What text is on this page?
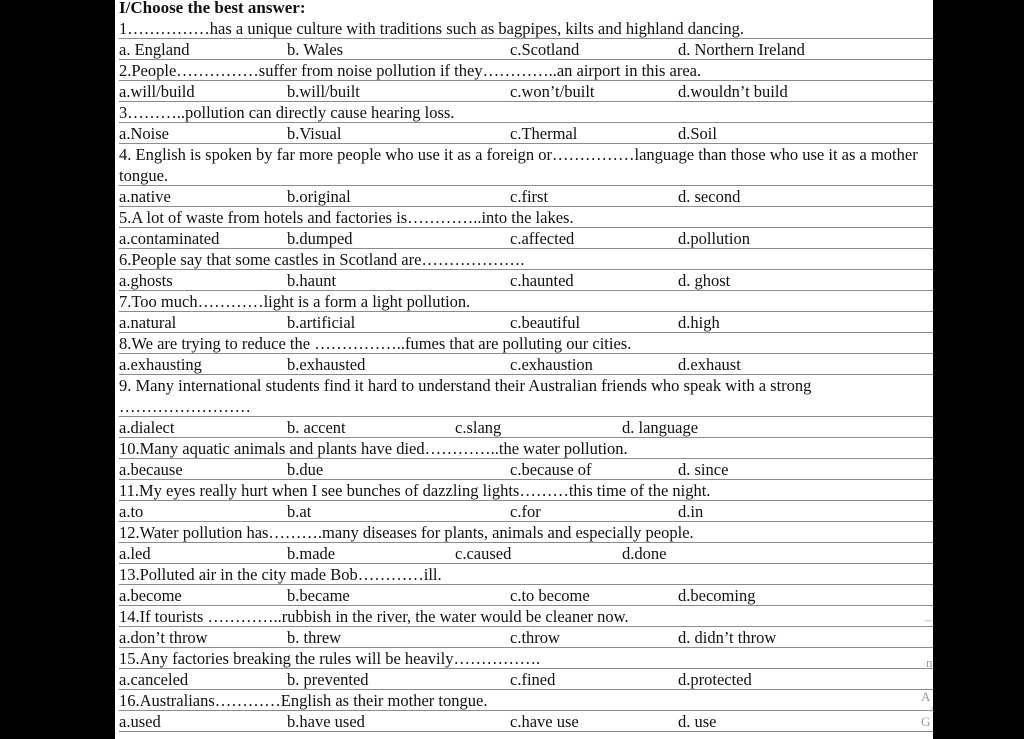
I/Choose the best answer:
1……………has a unique culture with traditions such as bagpipes, kilts and highland dancing.
a. England	b. Wales	c.Scotland	d. Northern Ireland
2.People……………suffer from noise pollution if they…………..an airport in this area.
a.will/build	b.will/built	c.won’t/built	d.wouldn’t build
3………..pollution can directly cause hearing loss.
a.Noise	b.Visual	c.Thermal	d.Soil
4. English is spoken by far more people who use it as a foreign or……………language than those who use it as a mother tongue.
a.native	b.original	c.first	d. second
5.A lot of waste from hotels and factories is…………..into the lakes.
a.contaminated	b.dumped	c.affected	d.pollution
6.People say that some castles in Scotland are……………….
a.ghosts	b.haunt	c.haunted	d. ghost
7.Too much…………light is a form a light pollution.
a.natural	b.artificial	c.beautiful	d.high
8.We are trying to reduce the ……………..fumes that are polluting our cities.
a.exhausting	b.exhausted	c.exhaustion	d.exhaust
9. Many international students find it hard to understand their Australian friends who speak with a strong ……………………
a.dialect	b. accent	c.slang	d. language
10.Many aquatic animals and plants have died…………..the water pollution.
a.because	b.due	c.because of	d. since
11.My eyes really hurt when I see bunches of dazzling lights………this time of the night.
a.to	b.at	c.for	d.in
12.Water pollution has……….many diseases for plants, animals and especially people.
a.led	b.made	c.caused	d.done
13.Polluted air in the city made Bob…………ill.
a.become	b.became	c.to become	d.becoming
14.If tourists …………..rubbish in the river, the water would be cleaner now.
a.don’t throw	b. threw	c.throw	d. didn’t throw
15.Any factories breaking the rules will be heavily…………….
a.canceled	b. prevented	c.fined	d.protected
16.Australians…………English as their mother tongue.
a.used	b.have used	c.have use	d. use
–
n
A
a
G
